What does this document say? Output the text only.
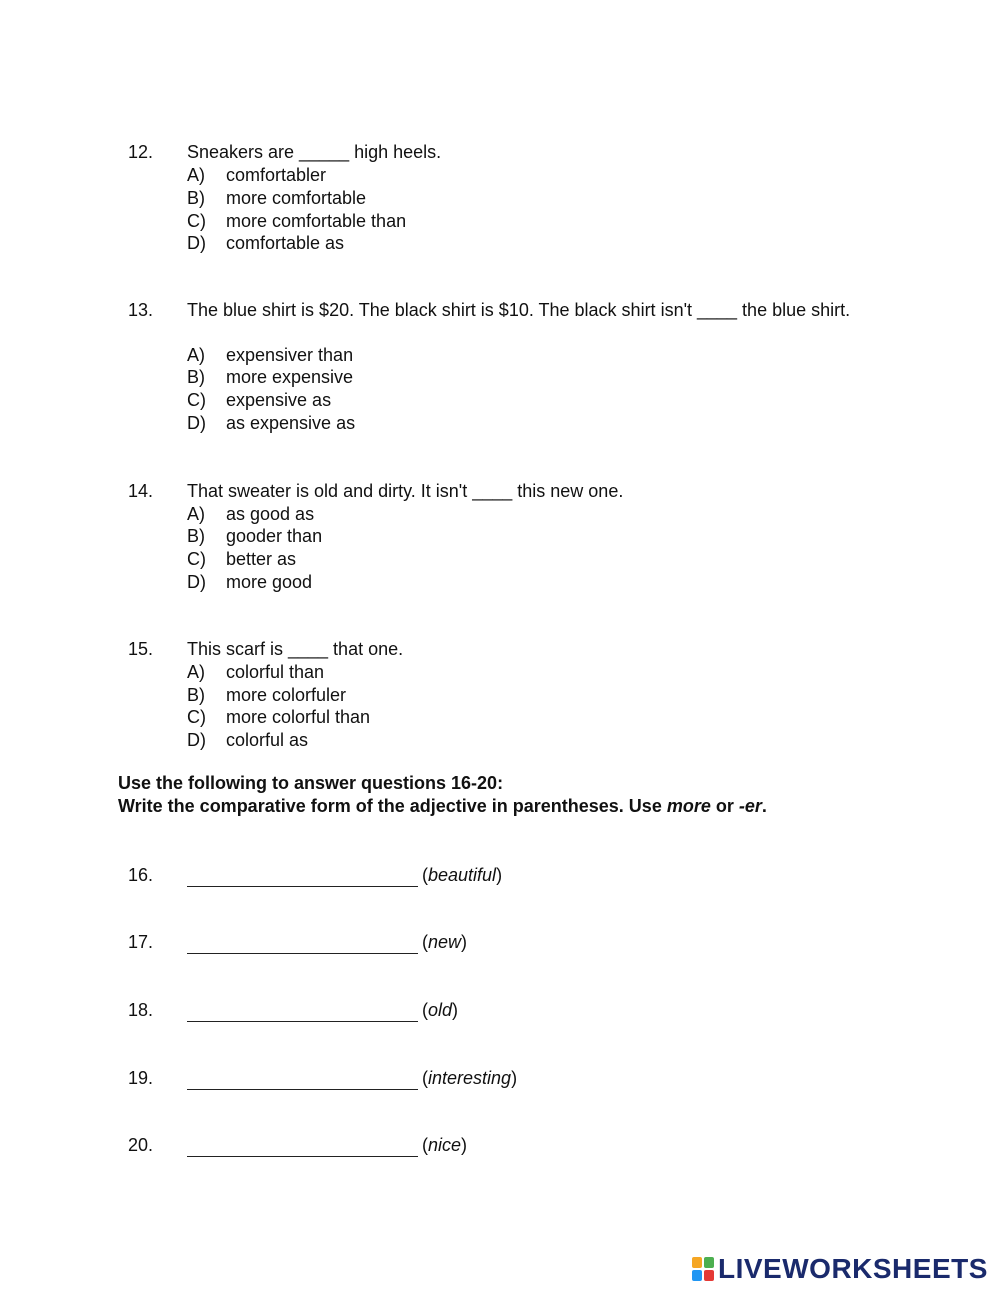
12. Sneakers are _____ high heels.
A) comfortabler
B) more comfortable
C) more comfortable than
D) comfortable as
13. The blue shirt is $20. The black shirt is $10. The black shirt isn't ____ the blue shirt.
A) expensiver than
B) more expensive
C) expensive as
D) as expensive as
14. That sweater is old and dirty. It isn't ____ this new one.
A) as good as
B) gooder than
C) better as
D) more good
15. This scarf is ____ that one.
A) colorful than
B) more colorfuler
C) more colorful than
D) colorful as
Use the following to answer questions 16-20:
Write the comparative form of the adjective in parentheses. Use more or -er.
16.	(beautiful)
17.	(new)
18.	(old)
19.	(interesting)
20.	(nice)
LIVEWORKSHEETS
